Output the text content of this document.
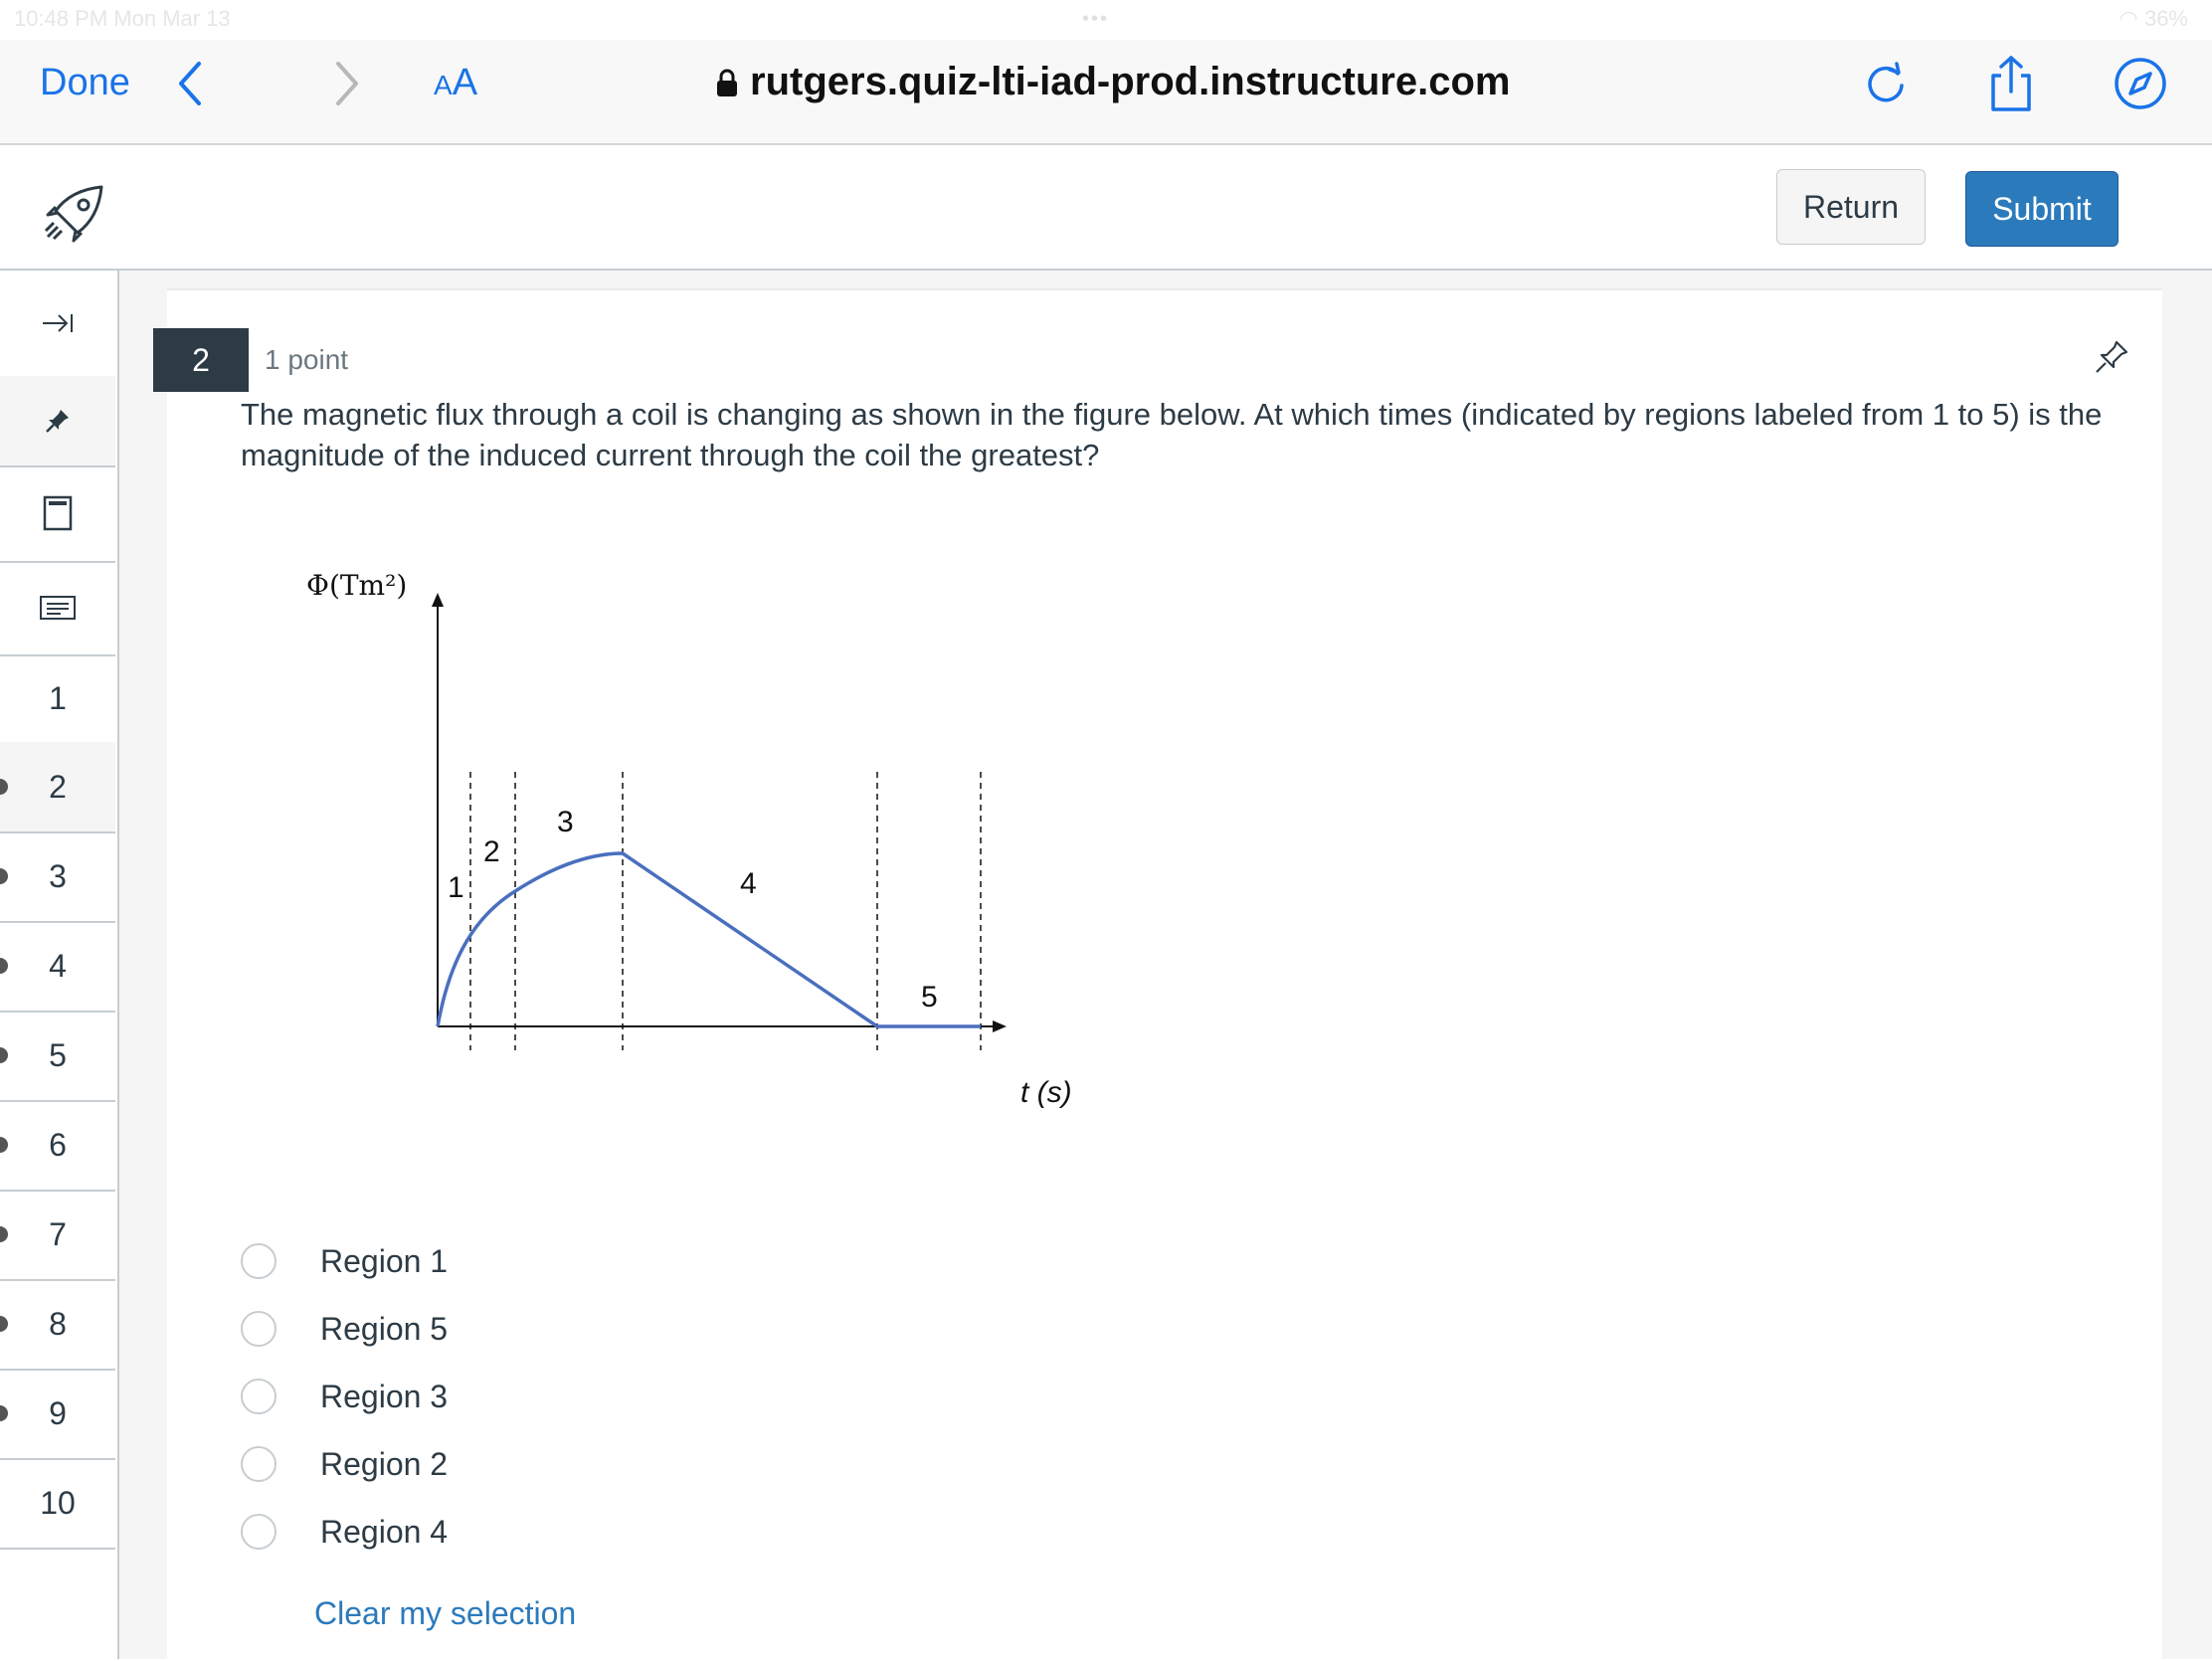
10:48 PM Mon Mar 13	•••	◠ 36%
Done	AA	rutgers.quiz-lti-iad-prod.instructure.com
Return	Submit
1
2
3
4
5
6
7
8
9
10
2	1 point
The magnetic flux through a coil is changing as shown in the figure below. At which times (indicated by regions labeled from 1 to 5) is the magnitude of the induced current through the coil the greatest?
Φ(Tm²)
1
2
3
4
5
t (s)
Region 1
Region 5
Region 3
Region 2
Region 4
Clear my selection
